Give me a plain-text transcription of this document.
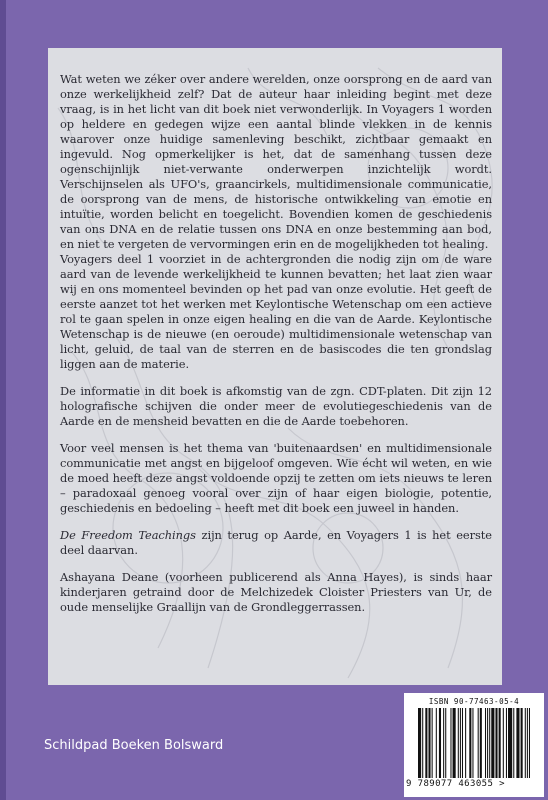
Wat weten we zéker over andere werelden, onze oorsprong en de aard van onze werkelijkheid zelf? Dat de auteur haar inleiding begint met deze vraag, is in het licht van dit boek niet verwonderlijk. In Voyagers 1 worden op heldere en gedegen wijze een aantal blinde vlekken in de kennis waarover onze huidige samenleving beschikt, zichtbaar gemaakt en ingevuld. Nog opmerkelijker is het, dat de samenhang tussen deze ogenschijnlijk niet-verwante onderwerpen inzichtelijk wordt. Verschijnselen als UFO's, graancirkels, multidimensionale communicatie, de oorsprong van de mens, de historische ontwikkeling van emotie en intuïtie, worden belicht en toegelicht. Bovendien komen de geschiedenis van ons DNA en de relatie tussen ons DNA en onze bestemming aan bod, en niet te vergeten de vervormingen erin en de mogelijkheden tot healing.

Voyagers deel 1 voorziet in de achtergronden die nodig zijn om de ware aard van de levende werkelijkheid te kunnen bevatten; het laat zien waar wij en ons momenteel bevinden op het pad van onze evolutie. Het geeft de eerste aanzet tot het werken met Keylontische Wetenschap om een actieve rol te gaan spelen in onze eigen healing en die van de Aarde. Keylontische Wetenschap is de nieuwe (en oeroude) multidimensionale wetenschap van licht, geluid, de taal van de sterren en de basiscodes die ten grondslag liggen aan de materie.

De informatie in dit boek is afkomstig van de zgn. CDT-platen. Dit zijn 12 holografische schijven die onder meer de evolutiegeschiedenis van de Aarde en de mensheid bevatten en die de Aarde toebehoren.

Voor veel mensen is het thema van 'buitenaardsen' en multidimensionale communicatie met angst en bijgeloof omgeven. Wie écht wil weten, en wie de moed heeft deze angst voldoende opzij te zetten om iets nieuws te leren – paradoxaal genoeg vooral over zijn of haar eigen biologie, potentie, geschiedenis en bedoeling – heeft met dit boek een juweel in handen.

De Freedom Teachings zijn terug op Aarde, en Voyagers 1 is het eerste deel daarvan.

Ashayana Deane (voorheen publicerend als Anna Hayes), is sinds haar kinderjaren getraind door de Melchizedek Cloister Priesters van Ur, de oude menselijke Graallijn van de Grondleggerrassen.

Schildpad Boeken Bolsward
ISBN 90-77463-05-4
9 789077 463055 >
